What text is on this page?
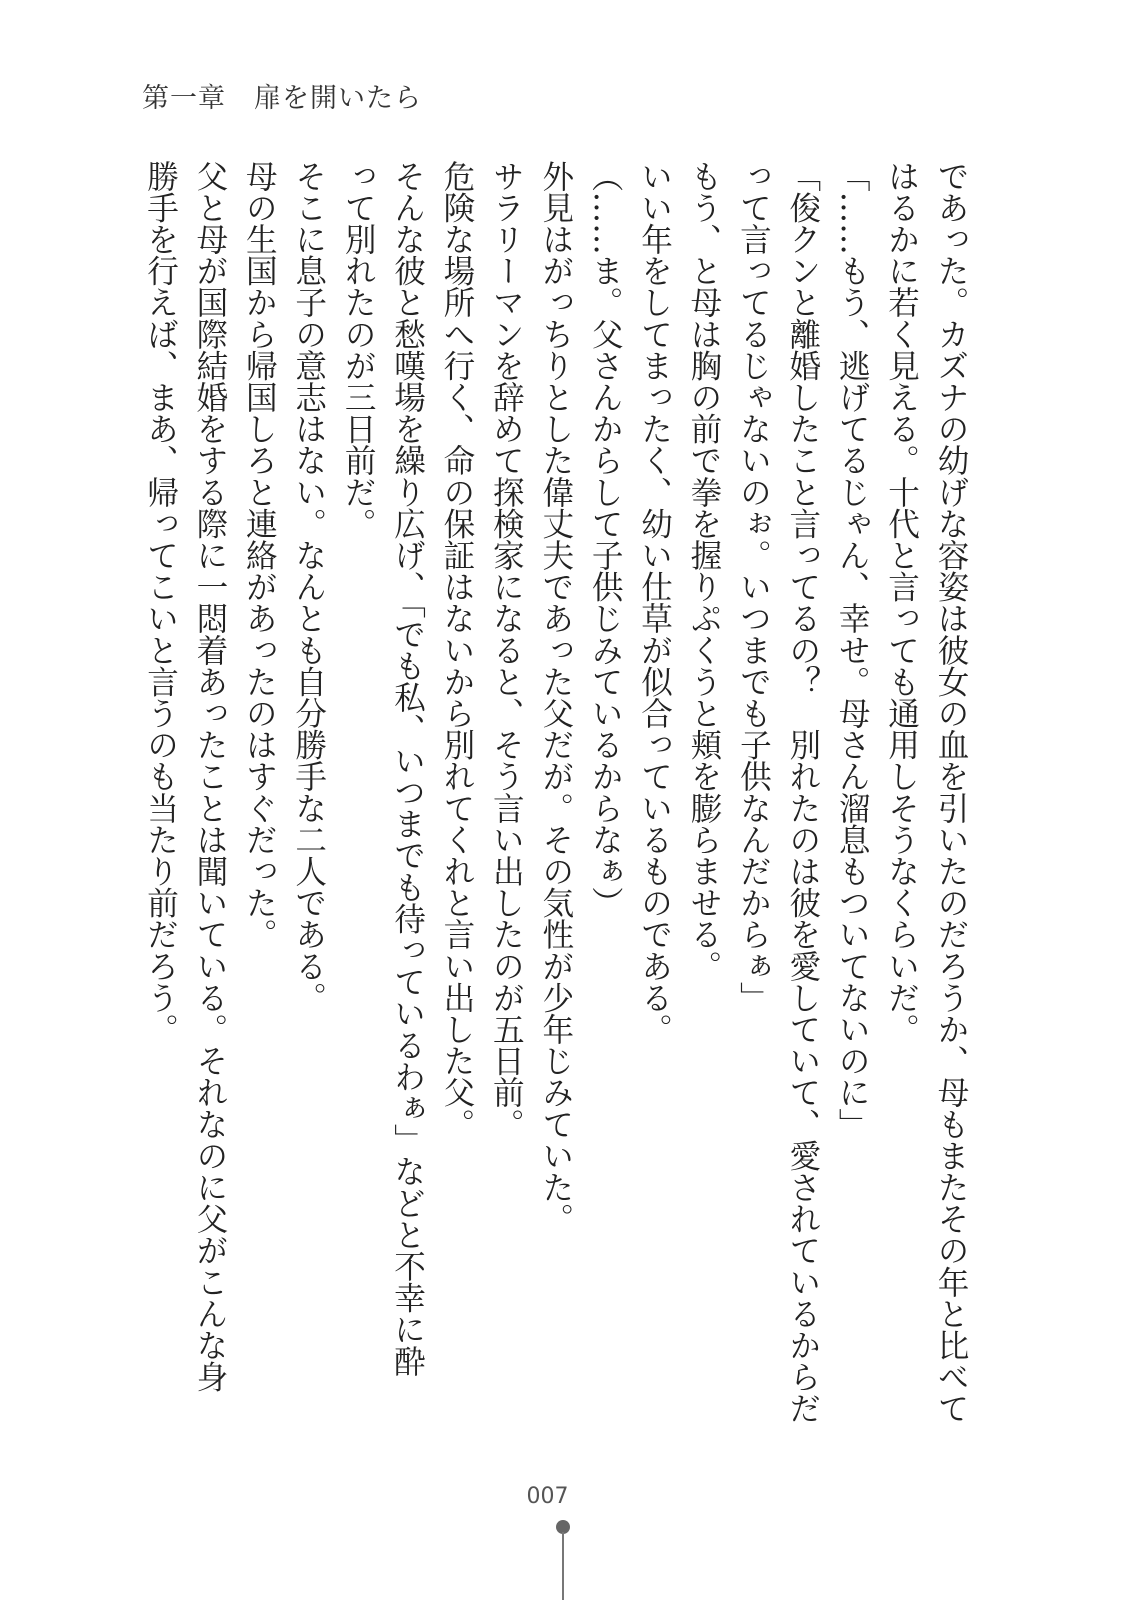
第一章　扉を開いたら
であった。カズナの幼げな容姿は彼女の血を引いたのだろうか、母もまたその年と比べて
はるかに若く見える。十代と言っても通用しそうなくらいだ。
「……もう、逃げてるじゃん、幸せ。母さん溜息もついてないのに」
「俊クンと離婚したこと言ってるの？　別れたのは彼を愛していて、愛されているからだ
って言ってるじゃないのぉ。いつまでも子供なんだからぁ」
もう、と母は胸の前で拳を握りぷくうと頬を膨らませる。
いい年をしてまったく、幼い仕草が似合っているものである。
（……ま。父さんからして子供じみているからなぁ）
外見はがっちりとした偉丈夫であった父だが。その気性が少年じみていた。
サラリーマンを辞めて探検家になると、そう言い出したのが五日前。
危険な場所へ行く、命の保証はないから別れてくれと言い出した父。
そんな彼と愁嘆場を繰り広げ、「でも私、いつまでも待っているわぁ」などと不幸に酔
って別れたのが三日前だ。
そこに息子の意志はない。なんとも自分勝手な二人である。
母の生国から帰国しろと連絡があったのはすぐだった。
父と母が国際結婚をする際に一悶着あったことは聞いている。それなのに父がこんな身
勝手を行えば、まあ、帰ってこいと言うのも当たり前だろう。
007
